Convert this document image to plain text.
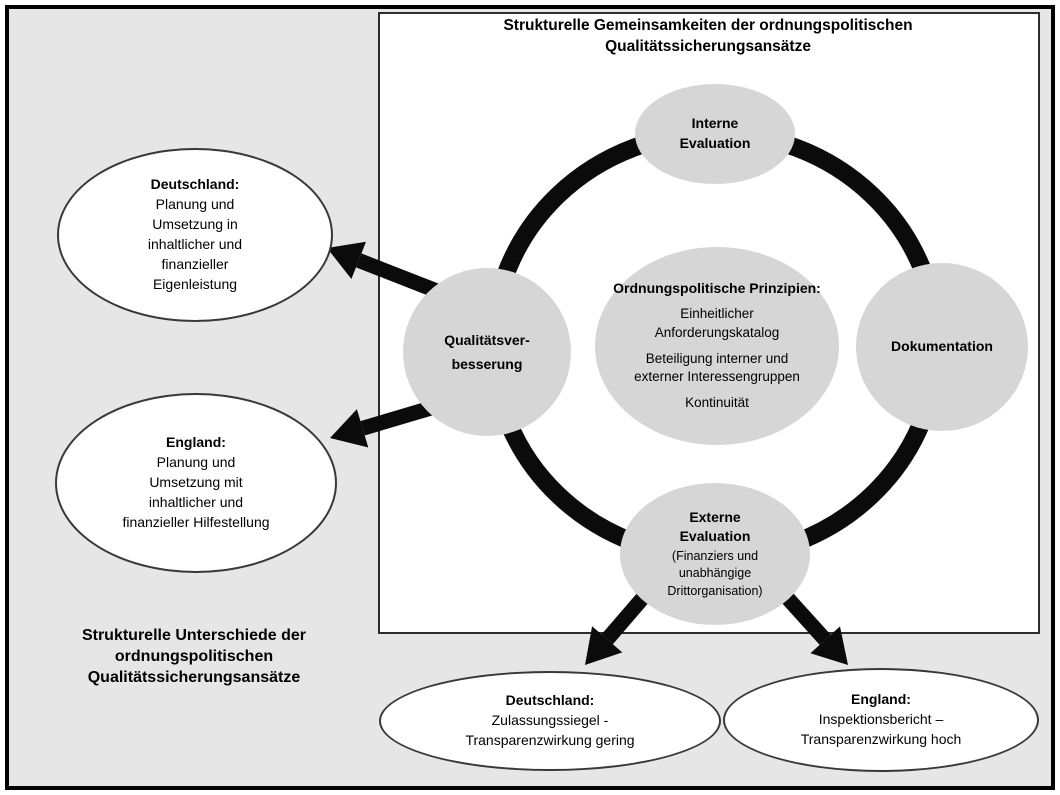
Strukturelle Gemeinsamkeiten der ordnungspolitischen
Qualitätssicherungsansätze
Interne
Evaluation
Dokumentation
Qualitätsver-
besserung
Externe
Evaluation
(Finanziers und unabhängige Drittorganisation)
Ordnungspolitische Prinzipien:
Einheitlicher Anforderungskatalog
Beteiligung interner und externer Interessengruppen
Kontinuität
Deutschland:
Planung und Umsetzung in inhaltlicher und finanzieller Eigenleistung
England:
Planung und Umsetzung mit inhaltlicher und finanzieller Hilfestellung
Deutschland:
Zulassungssiegel - Transparenzwirkung gering
England:
Inspektionsbericht – Transparenzwirkung hoch
Strukturelle Unterschiede der
ordnungspolitischen
Qualitätssicherungsansätze
